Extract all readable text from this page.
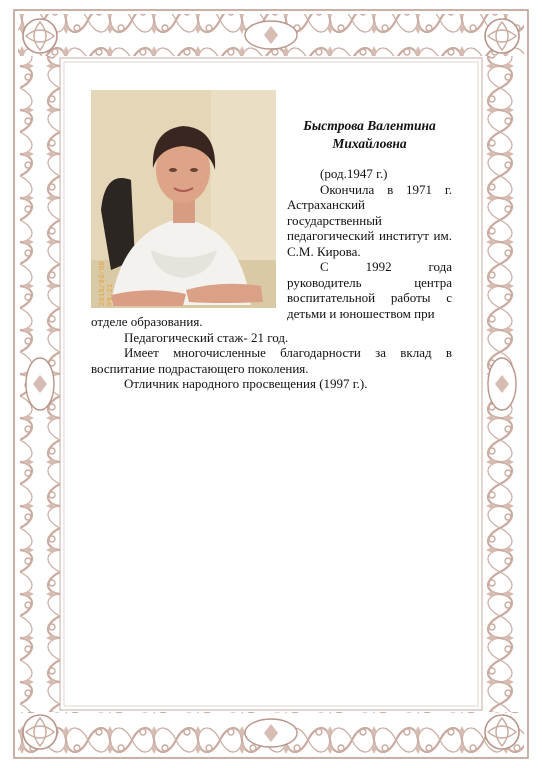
2015/03/08 09:21
Быстрова Валентина
Михайловна

(род.1947 г.)

Окончила в 1971 г. Астраханский государственный педагогический институт им. С.М. Кирова.

С 1992 года руководитель центра воспитательной работы с детьми и юношеством при

отделе образования.

Педагогический стаж- 21 год.

Имеет многочисленные благодарности за вклад в воспитание подрастающего поколения.

Отличник народного просвещения (1997 г.).
